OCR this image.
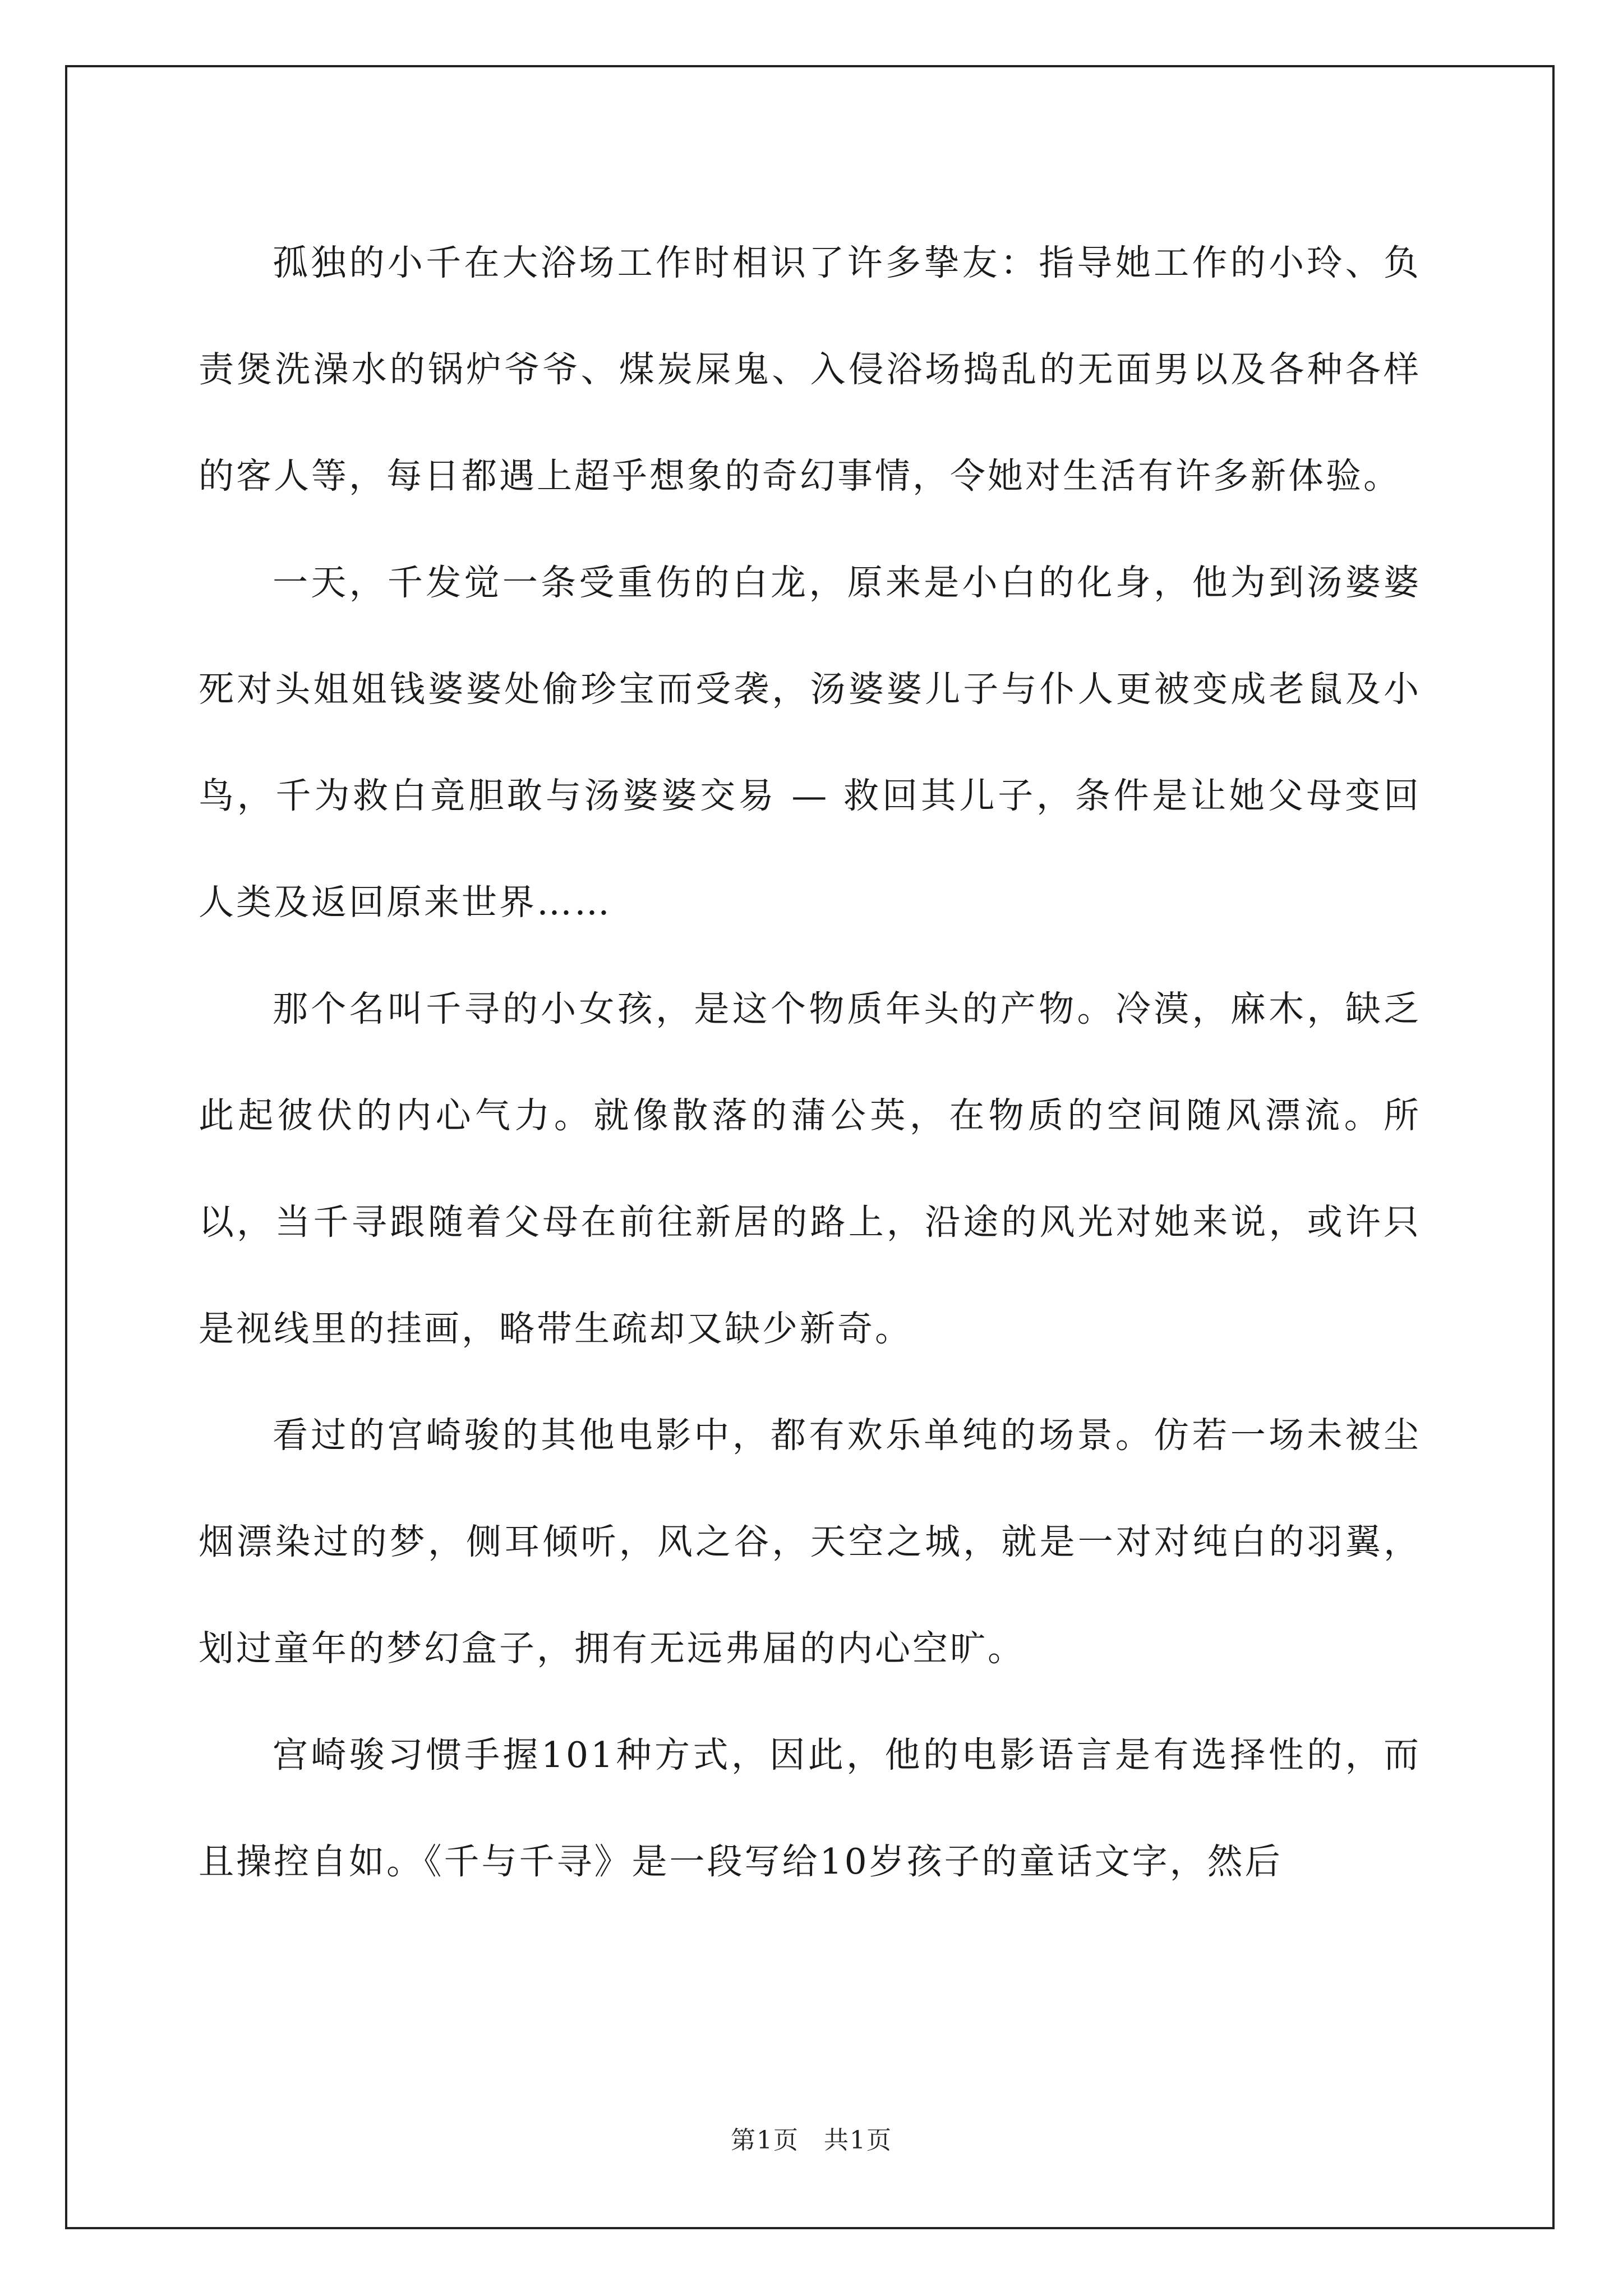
孤独的小千在大浴场工作时相识了许多挚友：指导她工作的小玲、负责煲洗澡水的锅炉爷爷、煤炭屎鬼、入侵浴场捣乱的无面男以及各种各样的客人等，每日都遇上超乎想象的奇幻事情，令她对生活有许多新体验。

一天，千发觉一条受重伤的白龙，原来是小白的化身，他为到汤婆婆死对头姐姐钱婆婆处偷珍宝而受袭，汤婆婆儿子与仆人更被变成老鼠及小鸟，千为救白竟胆敢与汤婆婆交易 — 救回其儿子，条件是让她父母变回人类及返回原来世界……

那个名叫千寻的小女孩，是这个物质年头的产物。冷漠，麻木，缺乏此起彼伏的内心气力。就像散落的蒲公英，在物质的空间随风漂流。所以，当千寻跟随着父母在前往新居的路上，沿途的风光对她来说，或许只是视线里的挂画，略带生疏却又缺少新奇。

看过的宫崎骏的其他电影中，都有欢乐单纯的场景。仿若一场未被尘烟漂染过的梦，侧耳倾听，风之谷，天空之城，就是一对对纯白的羽翼，划过童年的梦幻盒子，拥有无远弗届的内心空旷。

宫崎骏习惯手握101种方式，因此，他的电影语言是有选择性的，而且操控自如。《千与千寻》是一段写给10岁孩子的童话文字，然后

第1页 共1页
